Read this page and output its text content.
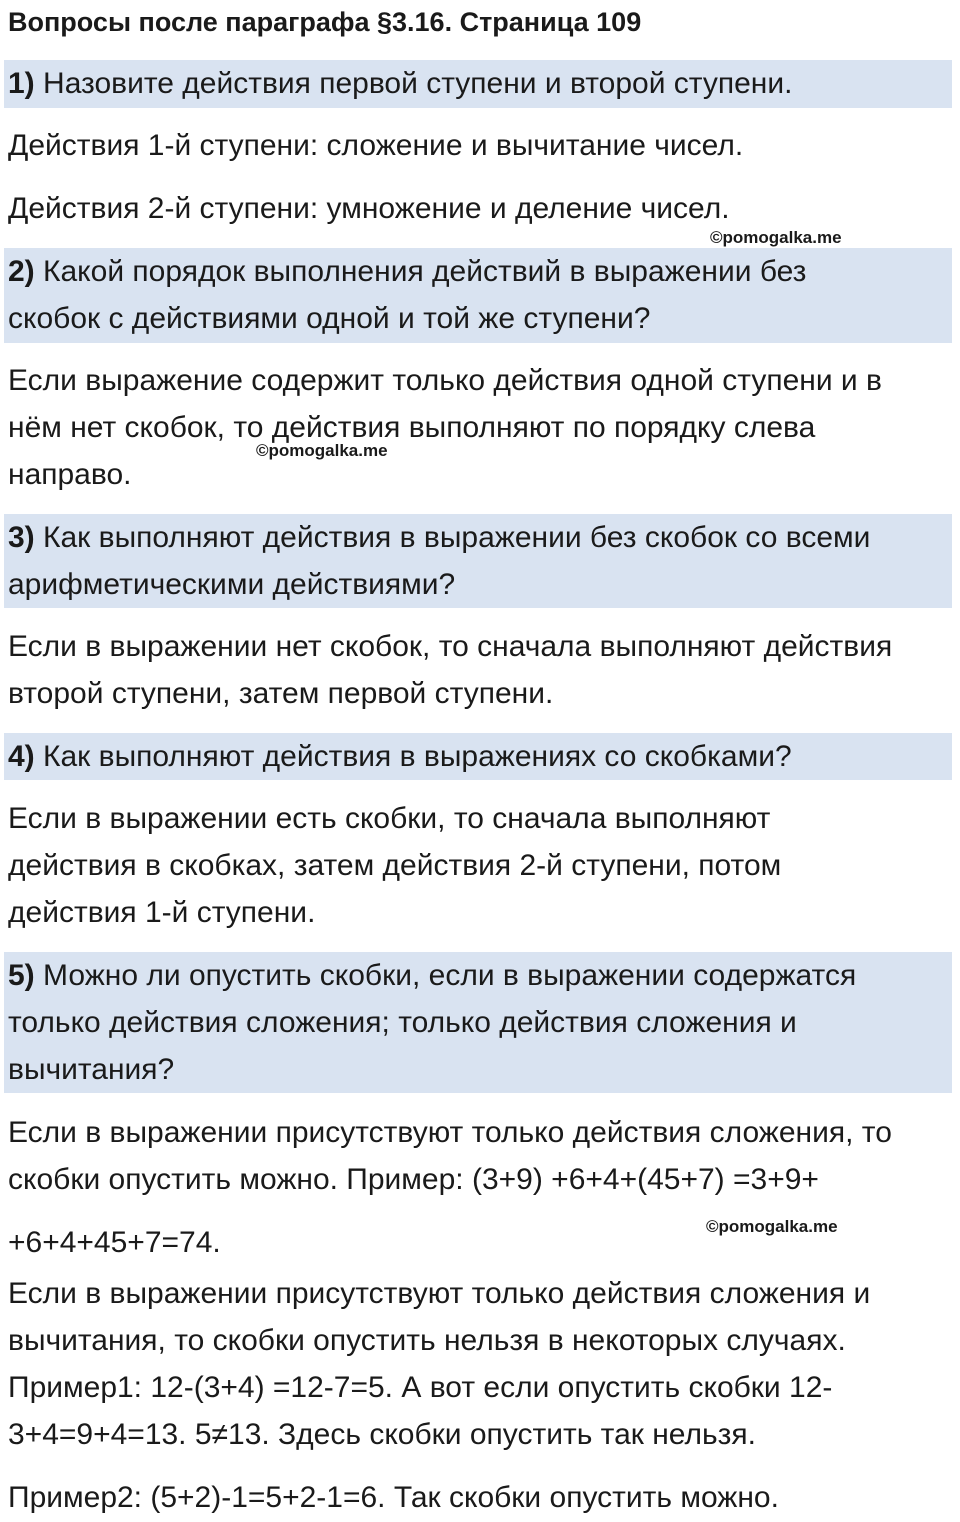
Вопросы после параграфа §3.16. Страница 109
1) Назовите действия первой ступени и второй ступени.
Действия 1-й ступени: сложение и вычитание чисел.
Действия 2-й ступени: умножение и деление чисел.
©pomogalka.me
2) Какой порядок выполнения действий в выражении без
скобок с действиями одной и той же ступени?
Если выражение содержит только действия одной ступени и в
нём нет скобок, то действия выполняют по порядку слева
©pomogalka.me
направо.
3) Как выполняют действия в выражении без скобок со всеми
арифметическими действиями?
Если в выражении нет скобок, то сначала выполняют действия
второй ступени, затем первой ступени.
4) Как выполняют действия в выражениях со скобками?
Если в выражении есть скобки, то сначала выполняют
действия в скобках, затем действия 2-й ступени, потом
действия 1-й ступени.
5) Можно ли опустить скобки, если в выражении содержатся
только действия сложения; только действия сложения и
вычитания?
Если в выражении присутствуют только действия сложения, то
скобки опустить можно. Пример: (3+9) +6+4+(45+7) =3+9+
©pomogalka.me
+6+4+45+7=74.
Если в выражении присутствуют только действия сложения и
вычитания, то скобки опустить нельзя в некоторых случаях.
Пример1: 12-(3+4) =12-7=5. А вот если опустить скобки 12-
3+4=9+4=13. 5≠13. Здесь скобки опустить так нельзя.
Пример2: (5+2)-1=5+2-1=6. Так скобки опустить можно.
